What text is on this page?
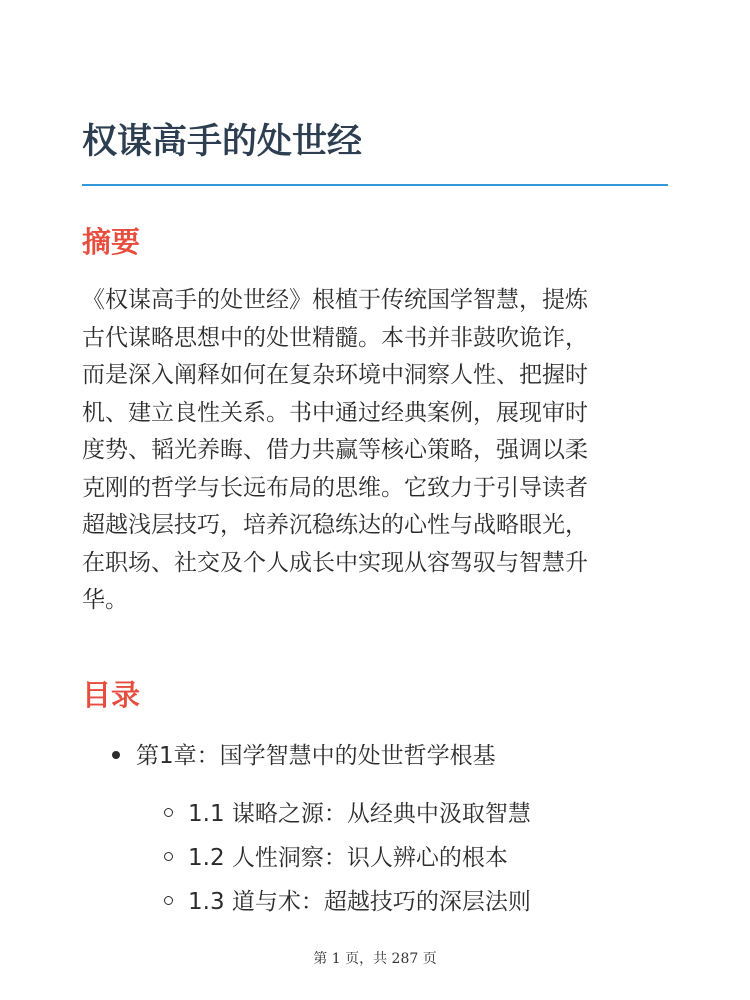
权谋高手的处世经
摘要

《权谋高手的处世经》根植于传统国学智慧，提炼
古代谋略思想中的处世精髓。本书并非鼓吹诡诈，
而是深入阐释如何在复杂环境中洞察人性、把握时
机、建立良性关系。书中通过经典案例，展现审时
度势、韬光养晦、借力共赢等核心策略，强调以柔
克刚的哲学与长远布局的思维。它致力于引导读者
超越浅层技巧，培养沉稳练达的心性与战略眼光，
在职场、社交及个人成长中实现从容驾驭与智慧升
华。

目录
第1章：国学智慧中的处世哲学根基
1.1 谋略之源：从经典中汲取智慧
1.2 人性洞察：识人辨心的根本
1.3 道与术：超越技巧的深层法则
第 1 页，共 287 页
